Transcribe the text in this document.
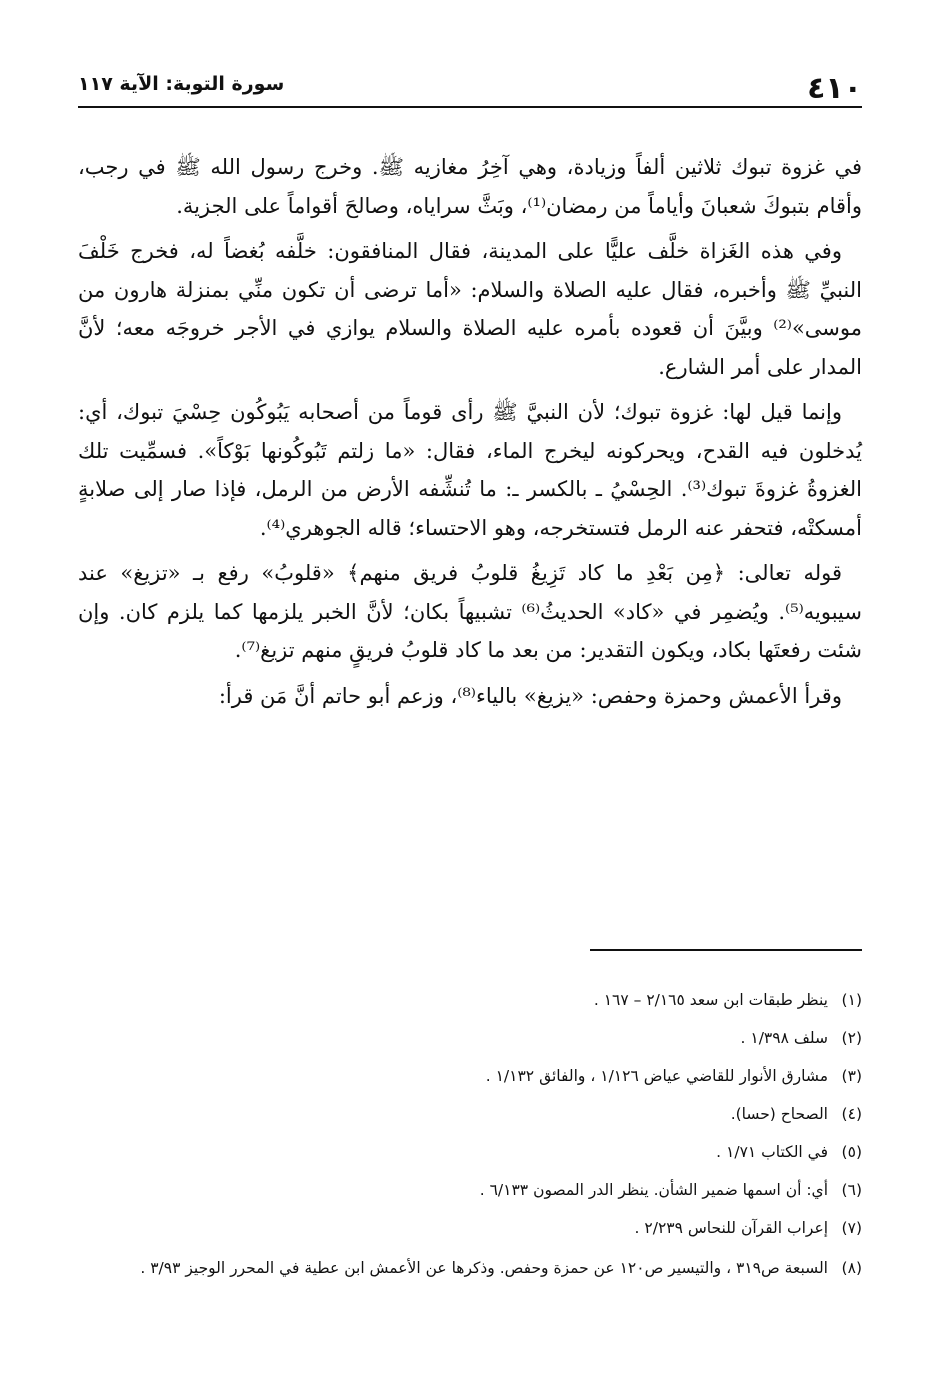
٤١٠
سورة التوبة: الآية ١١٧

في غزوة تبوك ثلاثين ألفاً وزيادة، وهي آخِرُ مغازيه ﷺ. وخرج رسول الله ﷺ في رجب، وأقام بتبوكَ شعبانَ وأياماً من رمضان⁽¹⁾، وبَثَّ سراياه، وصالحَ أقواماً على الجزية.

وفي هذه الغَزاة خلَّف عليًّا على المدينة، فقال المنافقون: خلَّفه بُغضاً له، فخرج خَلْفَ النبيِّ ﷺ وأخبره، فقال عليه الصلاة والسلام: «أما ترضى أن تكون منِّي بمنزلة هارون من موسى»⁽²⁾ وبيَّنَ أن قعوده بأمره عليه الصلاة والسلام يوازي في الأجر خروجَه معه؛ لأنَّ المدار على أمر الشارع.

وإنما قيل لها: غزوة تبوك؛ لأن النبيَّ ﷺ رأى قوماً من أصحابه يَبُوكُون حِسْيَ تبوك، أي: يُدخلون فيه القدح، ويحركونه ليخرج الماء، فقال: «ما زلتم تَبُوكُونها بَوْكاً». فسمِّيت تلك الغزوةُ غزوةَ تبوك⁽³⁾. الحِسْيُ ـ بالكسر ـ: ما تُنشِّفه الأرض من الرمل، فإذا صار إلى صلابةٍ أمسكتْه، فتحفر عنه الرمل فتستخرجه، وهو الاحتساء؛ قاله الجوهري⁽⁴⁾.

قوله تعالى: ﴿مِن بَعْدِ ما كاد تَزِيغُ قلوبُ فريق منهم﴾ «قلوبُ» رفع بـ «تزيغ» عند سيبويه⁽⁵⁾. ويُضمِر في «كاد» الحديثُ⁽⁶⁾ تشبيهاً بكان؛ لأنَّ الخبر يلزمها كما يلزم كان. وإن شئت رفعتَها بكاد، ويكون التقدير: من بعد ما كاد قلوبُ فريقٍ منهم تزيغ⁽⁷⁾.

وقرأ الأعمش وحمزة وحفص: «يزيغ» بالياء⁽⁸⁾، وزعم أبو حاتم أنَّ مَن قرأ:

(١)
ينظر طبقات ابن سعد ٢/١٦٥ – ١٦٧ .
(٢)
سلف ١/٣٩٨ .
(٣)
مشارق الأنوار للقاضي عياض ١/١٢٦ ، والفائق ١/١٣٢ .
(٤)
الصحاح (حسا).
(٥)
في الكتاب ١/٧١ .
(٦)
أي: أن اسمها ضمير الشأن. ينظر الدر المصون ٦/١٣٣ .
(٧)
إعراب القرآن للنحاس ٢/٢٣٩ .
(٨)
السبعة ص٣١٩ ، والتيسير ص١٢٠ عن حمزة وحفص. وذكرها عن الأعمش ابن عطية في المحرر الوجيز ٣/٩٣ .
